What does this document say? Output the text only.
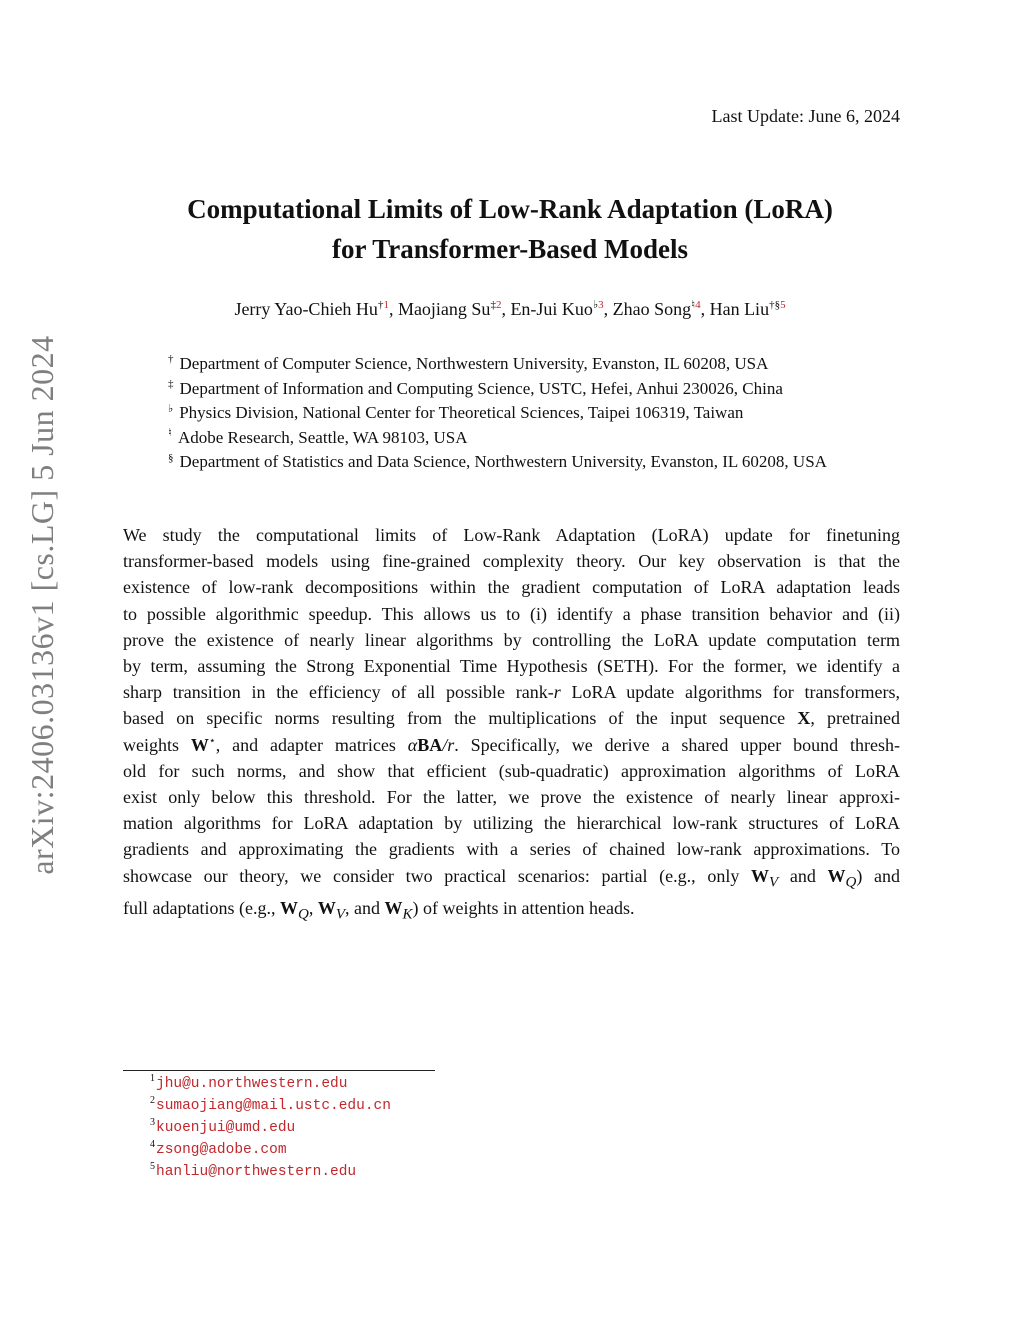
arXiv:2406.03136v1 [cs.LG] 5 Jun 2024
Last Update: June 6, 2024
Computational Limits of Low-Rank Adaptation (LoRA)
for Transformer-Based Models
Jerry Yao-Chieh Hu$^{\dagger 1}$, Maojiang Su$^{\ddagger 2}$, En-Jui Kuo$^{♭3}$, Zhao Song$^{♮4}$, Han Liu$^{\dagger\S 5}$
† Department of Computer Science, Northwestern University, Evanston, IL 60208, USA
‡ Department of Information and Computing Science, USTC, Hefei, Anhui 230026, China
♭ Physics Division, National Center for Theoretical Sciences, Taipei 106319, Taiwan
♮ Adobe Research, Seattle, WA 98103, USA
§ Department of Statistics and Data Science, Northwestern University, Evanston, IL 60208, USA
We study the computational limits of Low-Rank Adaptation (LoRA) update for finetuning
transformer-based models using fine-grained complexity theory. Our key observation is that the
existence of low-rank decompositions within the gradient computation of LoRA adaptation leads
to possible algorithmic speedup. This allows us to (i) identify a phase transition behavior and (ii)
prove the existence of nearly linear algorithms by controlling the LoRA update computation term
by term, assuming the Strong Exponential Time Hypothesis (SETH). For the former, we identify a
sharp transition in the efficiency of all possible rank-r LoRA update algorithms for transformers,
based on specific norms resulting from the multiplications of the input sequence X, pretrained
weights W⋆, and adapter matrices αBA/r. Specifically, we derive a shared upper bound thresh-
old for such norms, and show that efficient (sub-quadratic) approximation algorithms of LoRA
exist only below this threshold. For the latter, we prove the existence of nearly linear approxi-
mation algorithms for LoRA adaptation by utilizing the hierarchical low-rank structures of LoRA
gradients and approximating the gradients with a series of chained low-rank approximations. To
showcase our theory, we consider two practical scenarios: partial (e.g., only $W_V$ and $W_Q$) and
full adaptations (e.g., $W_Q$, $W_V$, and $W_K$) of weights in attention heads.
$^1$jhu@u.northwestern.edu
$^2$sumaojiang@mail.ustc.edu.cn
$^3$kuoenjui@umd.edu
$^4$zsong@adobe.com
$^5$hanliu@northwestern.edu
